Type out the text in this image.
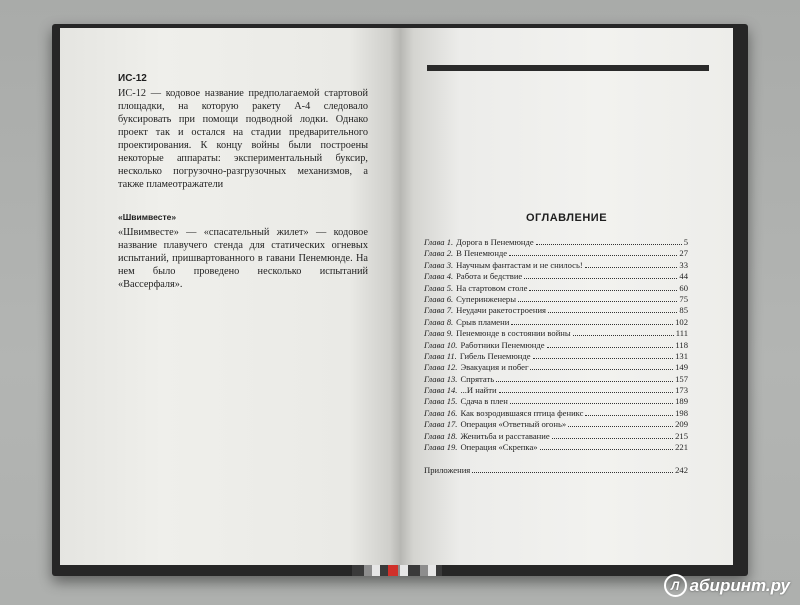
ИС-12

ИС-12 — кодовое название предполагаемой стартовой площадки, на которую ракету А-4 следовало буксировать при помощи подводной лодки. Однако проект так и остался на стадии предварительного проектирования. К концу войны были построены некоторые аппараты: экспериментальный буксир, несколько погрузочно-разгрузочных механизмов, а также пламеотражатели

«Швимвесте»

«Швимвесте» — «спасательный жилет» — кодовое название плавучего стенда для статических огневых испытаний, пришвартованного в гавани Пенемюнде. На нем было проведено несколько испытаний «Вассерфаля».

ОГЛАВЛЕНИЕ
Глава 1. Дорога в Пенемюнде	5
Глава 2. В Пенемюнде	27
Глава 3. Научным фантастам и не снилось!	33
Глава 4. Работа и бедствие	44
Глава 5. На стартовом столе	60
Глава 6. Суперинженеры	75
Глава 7. Неудачи ракетостроения	85
Глава 8. Срыв пламени	102
Глава 9. Пенемюнде в состоянии войны	111
Глава 10. Работники Пенемюнде	118
Глава 11. Гибель Пенемюнде	131
Глава 12. Эвакуация и побег	149
Глава 13. Спрятать	157
Глава 14. ...И найти	173
Глава 15. Сдача в плен	189
Глава 16. Как возродившаяся птица феникс	198
Глава 17. Операция «Ответный огонь»	209
Глава 18. Женитьба и расставание	215
Глава 19. Операция «Скрепка»	221
Приложения	242
Л абиринт.ру
